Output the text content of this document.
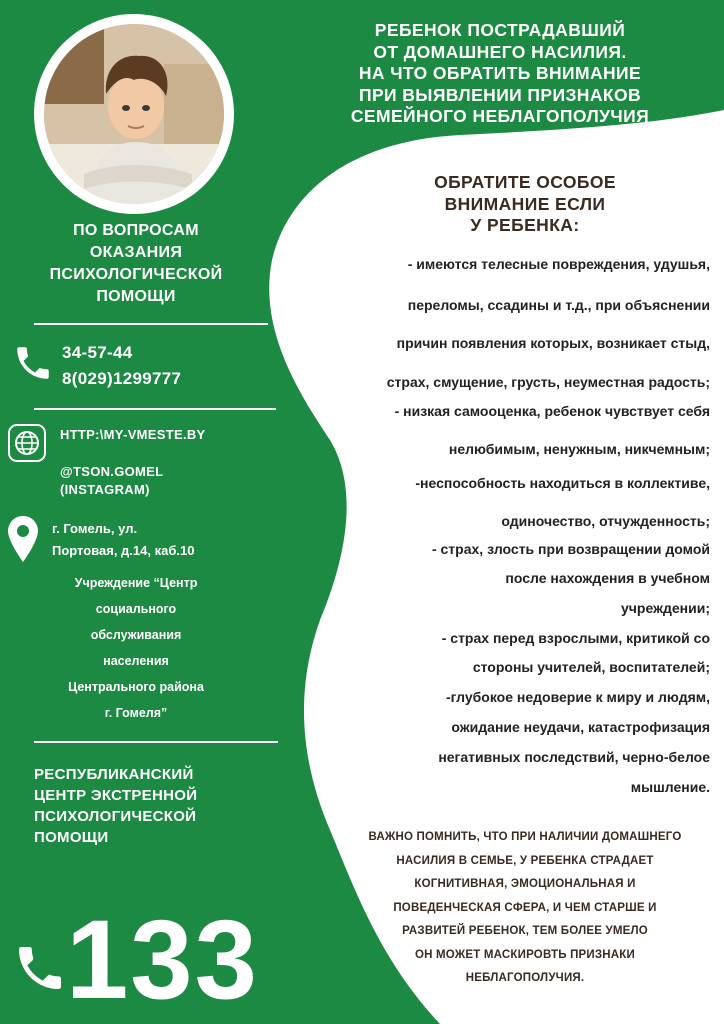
РЕБЕНОК ПОСТРАДАВШИЙ
ОТ ДОМАШНЕГО НАСИЛИЯ.
НА ЧТО ОБРАТИТЬ ВНИМАНИЕ
ПРИ ВЫЯВЛЕНИИ ПРИЗНАКОВ
СЕМЕЙНОГО НЕБЛАГОПОЛУЧИЯ
ПО ВОПРОСАМ
ОКАЗАНИЯ
ПСИХОЛОГИЧЕСКОЙ
ПОМОЩИ
34-57-44
8(029)1299777
HTTP:\MY-VMESTE.BY
@TSON.GOMEL
(INSTAGRAM)
г. Гомель, ул.
Портовая, д.14, каб.10
Учреждение “Центр
социального
обслуживания
населения
Центрального района
г. Гомеля”
РЕСПУБЛИКАНСКИЙ
ЦЕНТР ЭКСТРЕННОЙ
ПСИХОЛОГИЧЕСКОЙ
ПОМОЩИ
133
ОБРАТИТЕ ОСОБОЕ
ВНИМАНИЕ ЕСЛИ
У РЕБЕНКА:
- имеются телесные повреждения, удушья,
переломы, ссадины и т.д., при объяснении
причин появления которых, возникает стыд,
страх, смущение, грусть, неуместная радость;
- низкая самооценка, ребенок чувствует себя
нелюбимым, ненужным, никчемным;
-неспособность находиться в коллективе,
одиночество, отчужденность;
- страх, злость при возвращении домой
после нахождения в учебном
учреждении;
- страх перед взрослыми, критикой со
стороны учителей, воспитателей;
-глубокое недоверие к миру и людям,
ожидание неудачи, катастрофизация
негативных последствий, черно-белое
мышление.
ВАЖНО ПОМНИТЬ, ЧТО ПРИ НАЛИЧИИ ДОМАШНЕГО
НАСИЛИЯ В СЕМЬЕ, У РЕБЕНКА СТРАДАЕТ
КОГНИТИВНАЯ, ЭМОЦИОНАЛЬНАЯ И
ПОВЕДЕНЧЕСКАЯ СФЕРА, И ЧЕМ СТАРШЕ И
РАЗВИТЕЙ РЕБЕНОК, ТЕМ БОЛЕЕ УМЕЛО
ОН МОЖЕТ МАСКИРОВТЬ ПРИЗНАКИ
НЕБЛАГОПОЛУЧИЯ.
